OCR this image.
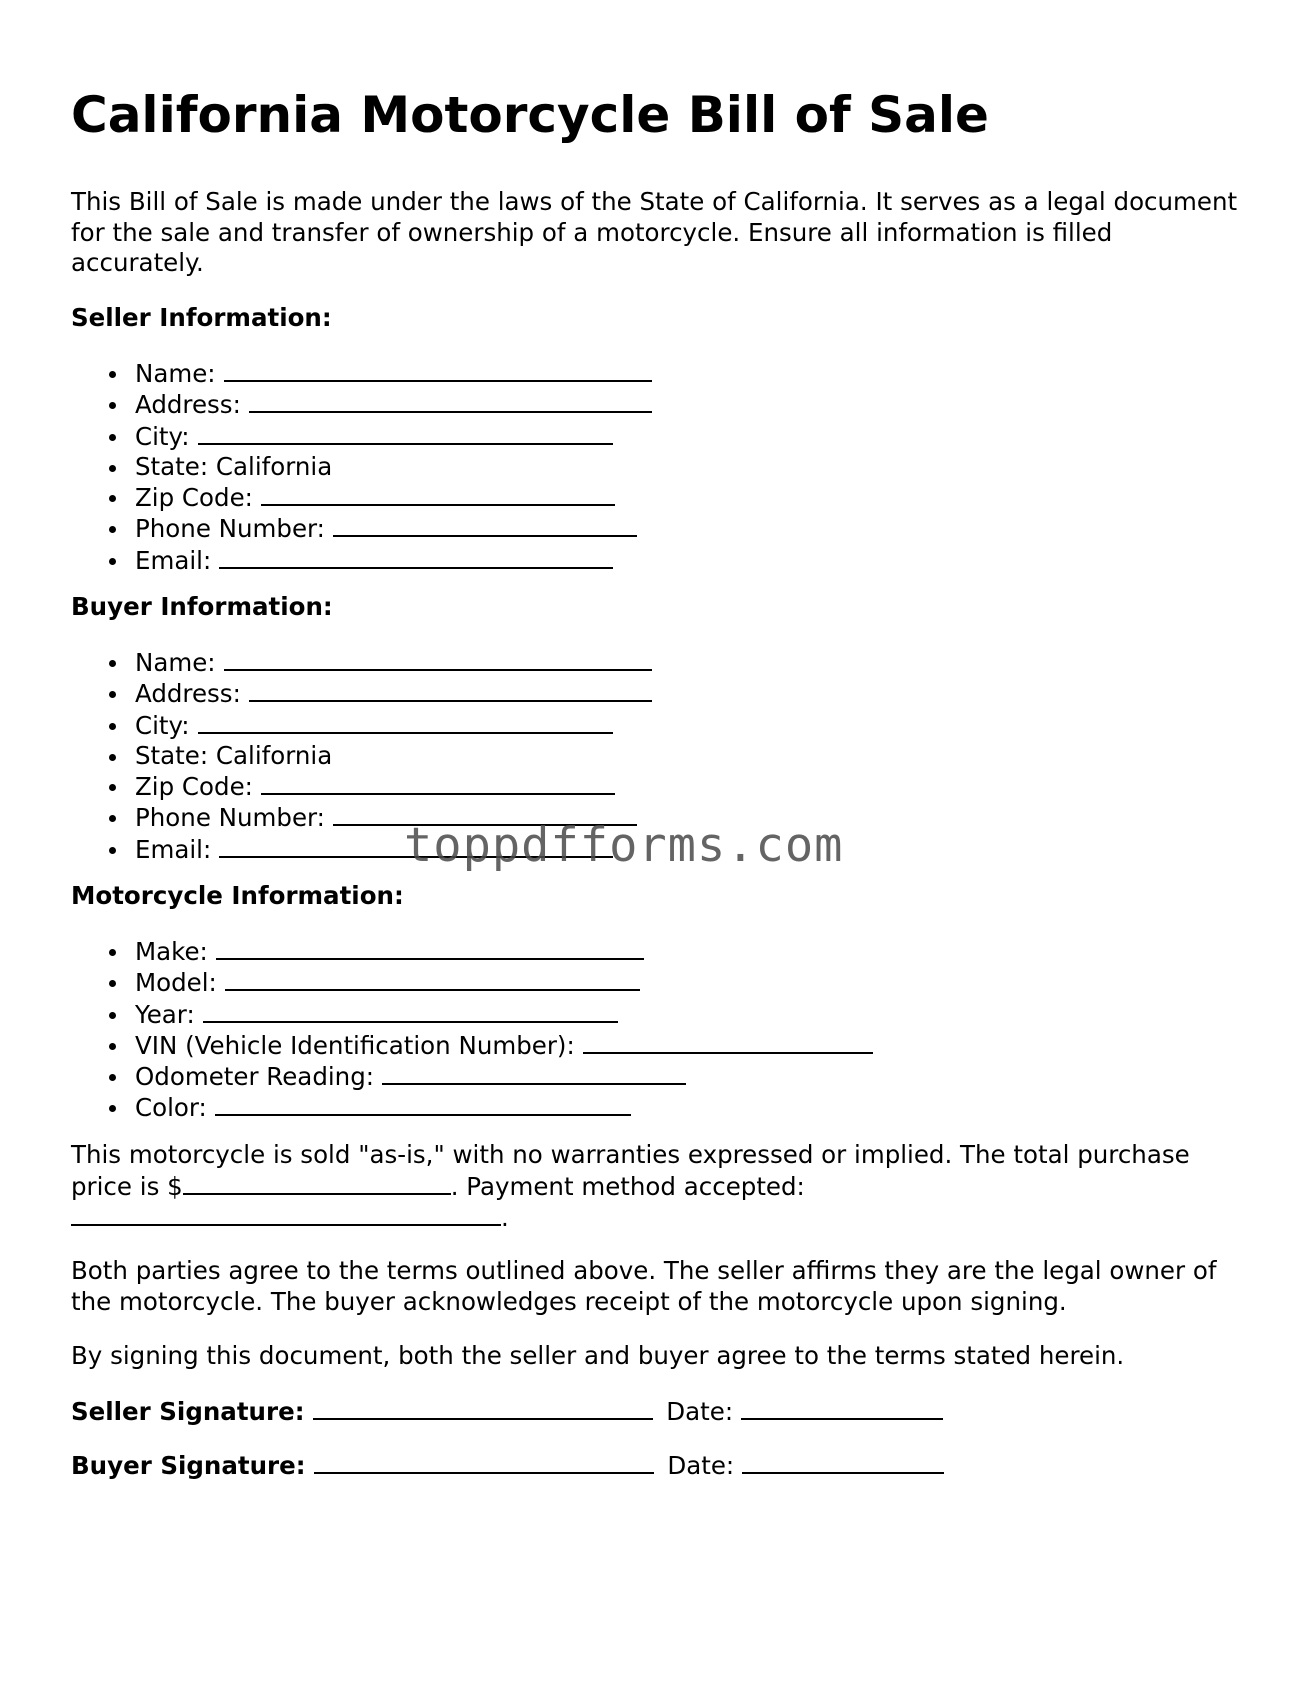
California Motorcycle Bill of Sale

This Bill of Sale is made under the laws of the State of California. It serves as a legal document for the sale and transfer of ownership of a motorcycle. Ensure all information is filled accurately.

Seller Information:
Name:
Address:
City:
State: California
Zip Code:
Phone Number:
Email:
Buyer Information:
Name:
Address:
City:
State: California
Zip Code:
Phone Number:
Email:
Motorcycle Information:
Make:
Model:
Year:
VIN (Vehicle Identification Number):
Odometer Reading:
Color:

This motorcycle is sold "as-is," with no warranties expressed or implied. The total purchase price is $	. Payment method accepted:
.

Both parties agree to the terms outlined above. The seller affirms they are the legal owner of the motorcycle. The buyer acknowledges receipt of the motorcycle upon signing.

By signing this document, both the seller and buyer agree to the terms stated herein.

Seller Signature:	Date:
Buyer Signature:	Date:
toppdfforms.com
